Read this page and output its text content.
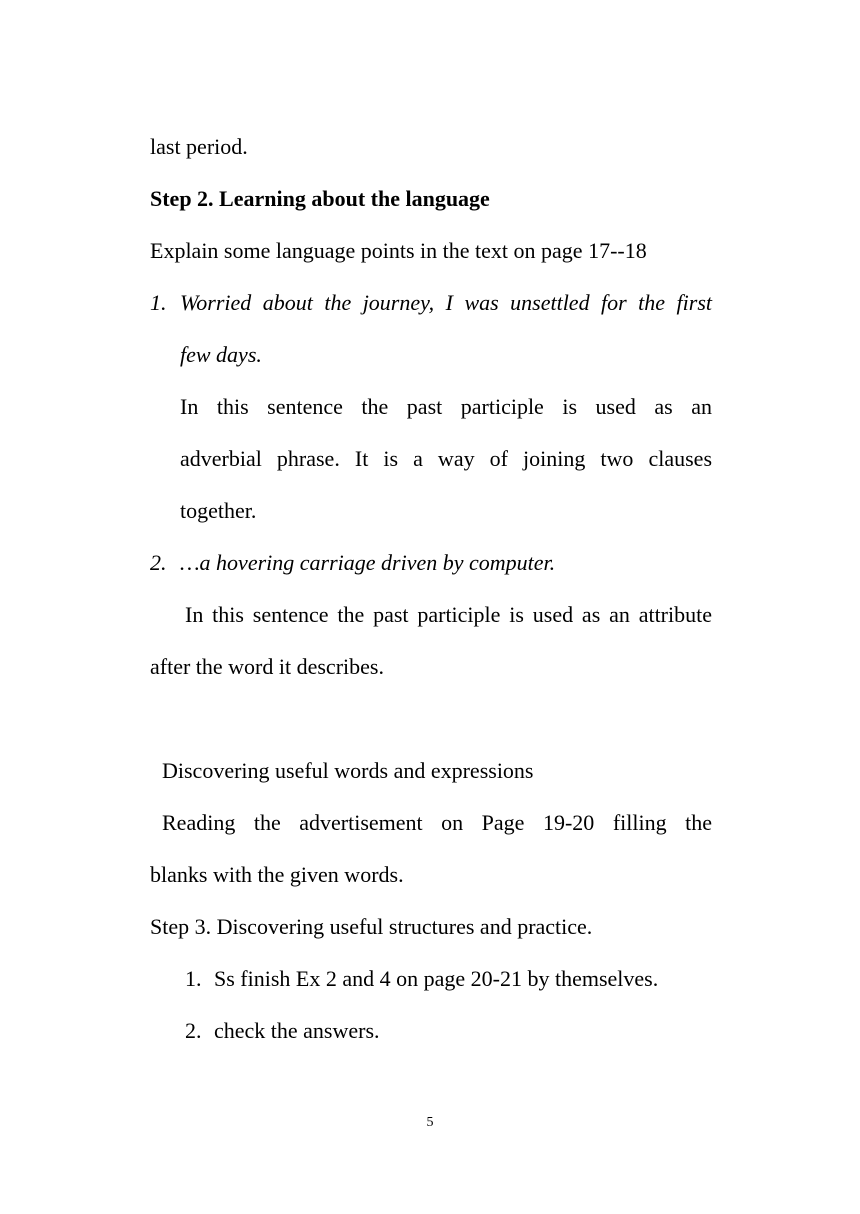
last period.
Step 2. Learning about the language
Explain some language points in the text on page 17--18
1. Worried about the journey, I was unsettled for the first
few days.
In this sentence the past participle is used as an
adverbial phrase. It is a way of joining two clauses
together.
2. …a hovering carriage driven by computer.
In this sentence the past participle is used as an attribute
after the word it describes.
Discovering useful words and expressions
Reading the advertisement on Page 19-20 filling the
blanks with the given words.
Step 3. Discovering useful structures and practice.
1. Ss finish Ex 2 and 4 on page 20-21 by themselves.
2. check the answers.
5
